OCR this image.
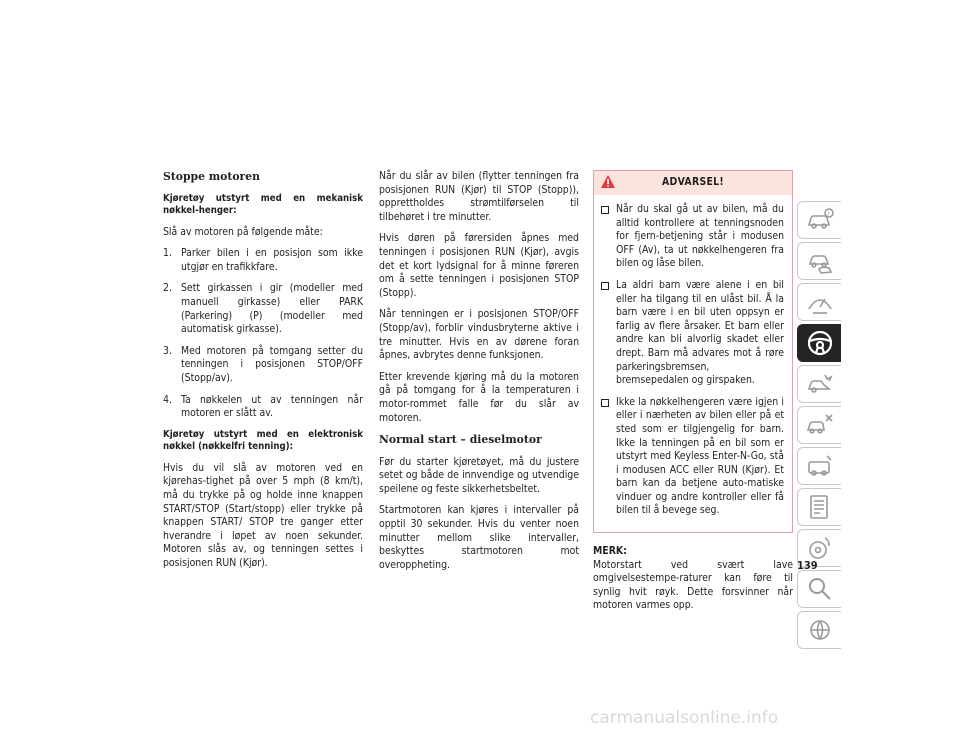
Stoppe motoren
Kjøretøy utstyrt med en mekanisk nøkkel-henger:

Slå av motoren på følgende måte:

1. Parker bilen i en posisjon som ikke utgjør en trafikkfare.
2. Sett girkassen i gir (modeller med manuell girkasse) eller PARK (Parkering) (P) (modeller med automatisk girkasse).
3. Med motoren på tomgang setter du tenningen i posisjonen STOP/OFF (Stopp/av).
4. Ta nøkkelen ut av tenningen når motoren er slått av.
Kjøretøy utstyrt med en elektronisk nøkkel (nøkkelfri tenning):

Hvis du vil slå av motoren ved en kjørehas-tighet på over 5 mph (8 km/t), må du trykke på og holde inne knappen START/STOP (Start/stopp) eller trykke på knappen START/ STOP tre ganger etter hverandre i løpet av noen sekunder. Motoren slås av, og tenningen settes i posisjonen RUN (Kjør).

Når du slår av bilen (flytter tenningen fra posisjonen RUN (Kjør) til STOP (Stopp)), opprettholdes strømtilførselen til tilbehøret i tre minutter.

Hvis døren på førersiden åpnes med tenningen i posisjonen RUN (Kjør), avgis det et kort lydsignal for å minne føreren om å sette tenningen i posisjonen STOP (Stopp).

Når tenningen er i posisjonen STOP/OFF (Stopp/av), forblir vindusbryterne aktive i tre minutter. Hvis en av dørene foran åpnes, avbrytes denne funksjonen.

Etter krevende kjøring må du la motoren gå på tomgang for å la temperaturen i motor-rommet falle før du slår av motoren.

Normal start – dieselmotor

Før du starter kjøretøyet, må du justere setet og både de innvendige og utvendige speilene og feste sikkerhetsbeltet.

Startmotoren kan kjøres i intervaller på opptil 30 sekunder. Hvis du venter noen minutter mellom slike intervaller, beskyttes startmotoren mot overoppheting.

ADVARSEL!
Når du skal gå ut av bilen, må du alltid kontrollere at tenningsnoden for fjern-betjening står i modusen OFF (Av), ta ut nøkkelhengeren fra bilen og låse bilen.
La aldri barn være alene i en bil eller ha tilgang til en ulåst bil. Å la barn være i en bil uten oppsyn er farlig av flere årsaker. Et barn eller andre kan bli alvorlig skadet eller drept. Barn må advares mot å røre parkeringsbremsen, bremsepedalen og girspaken.
Ikke la nøkkelhengeren være igjen i eller i nærheten av bilen eller på et sted som er tilgjengelig for barn. Ikke la tenningen på en bil som er utstyrt med Keyless Enter-N-Go, stå i modusen ACC eller RUN (Kjør). Et barn kan da betjene auto-matiske vinduer og andre kontroller eller få bilen til å bevege seg.

MERK:

Motorstart ved svært lave omgivelsestempe-raturer kan føre til synlig hvit røyk. Dette forsvinner når motoren varmes opp.

i
139
carmanualsonline.info
